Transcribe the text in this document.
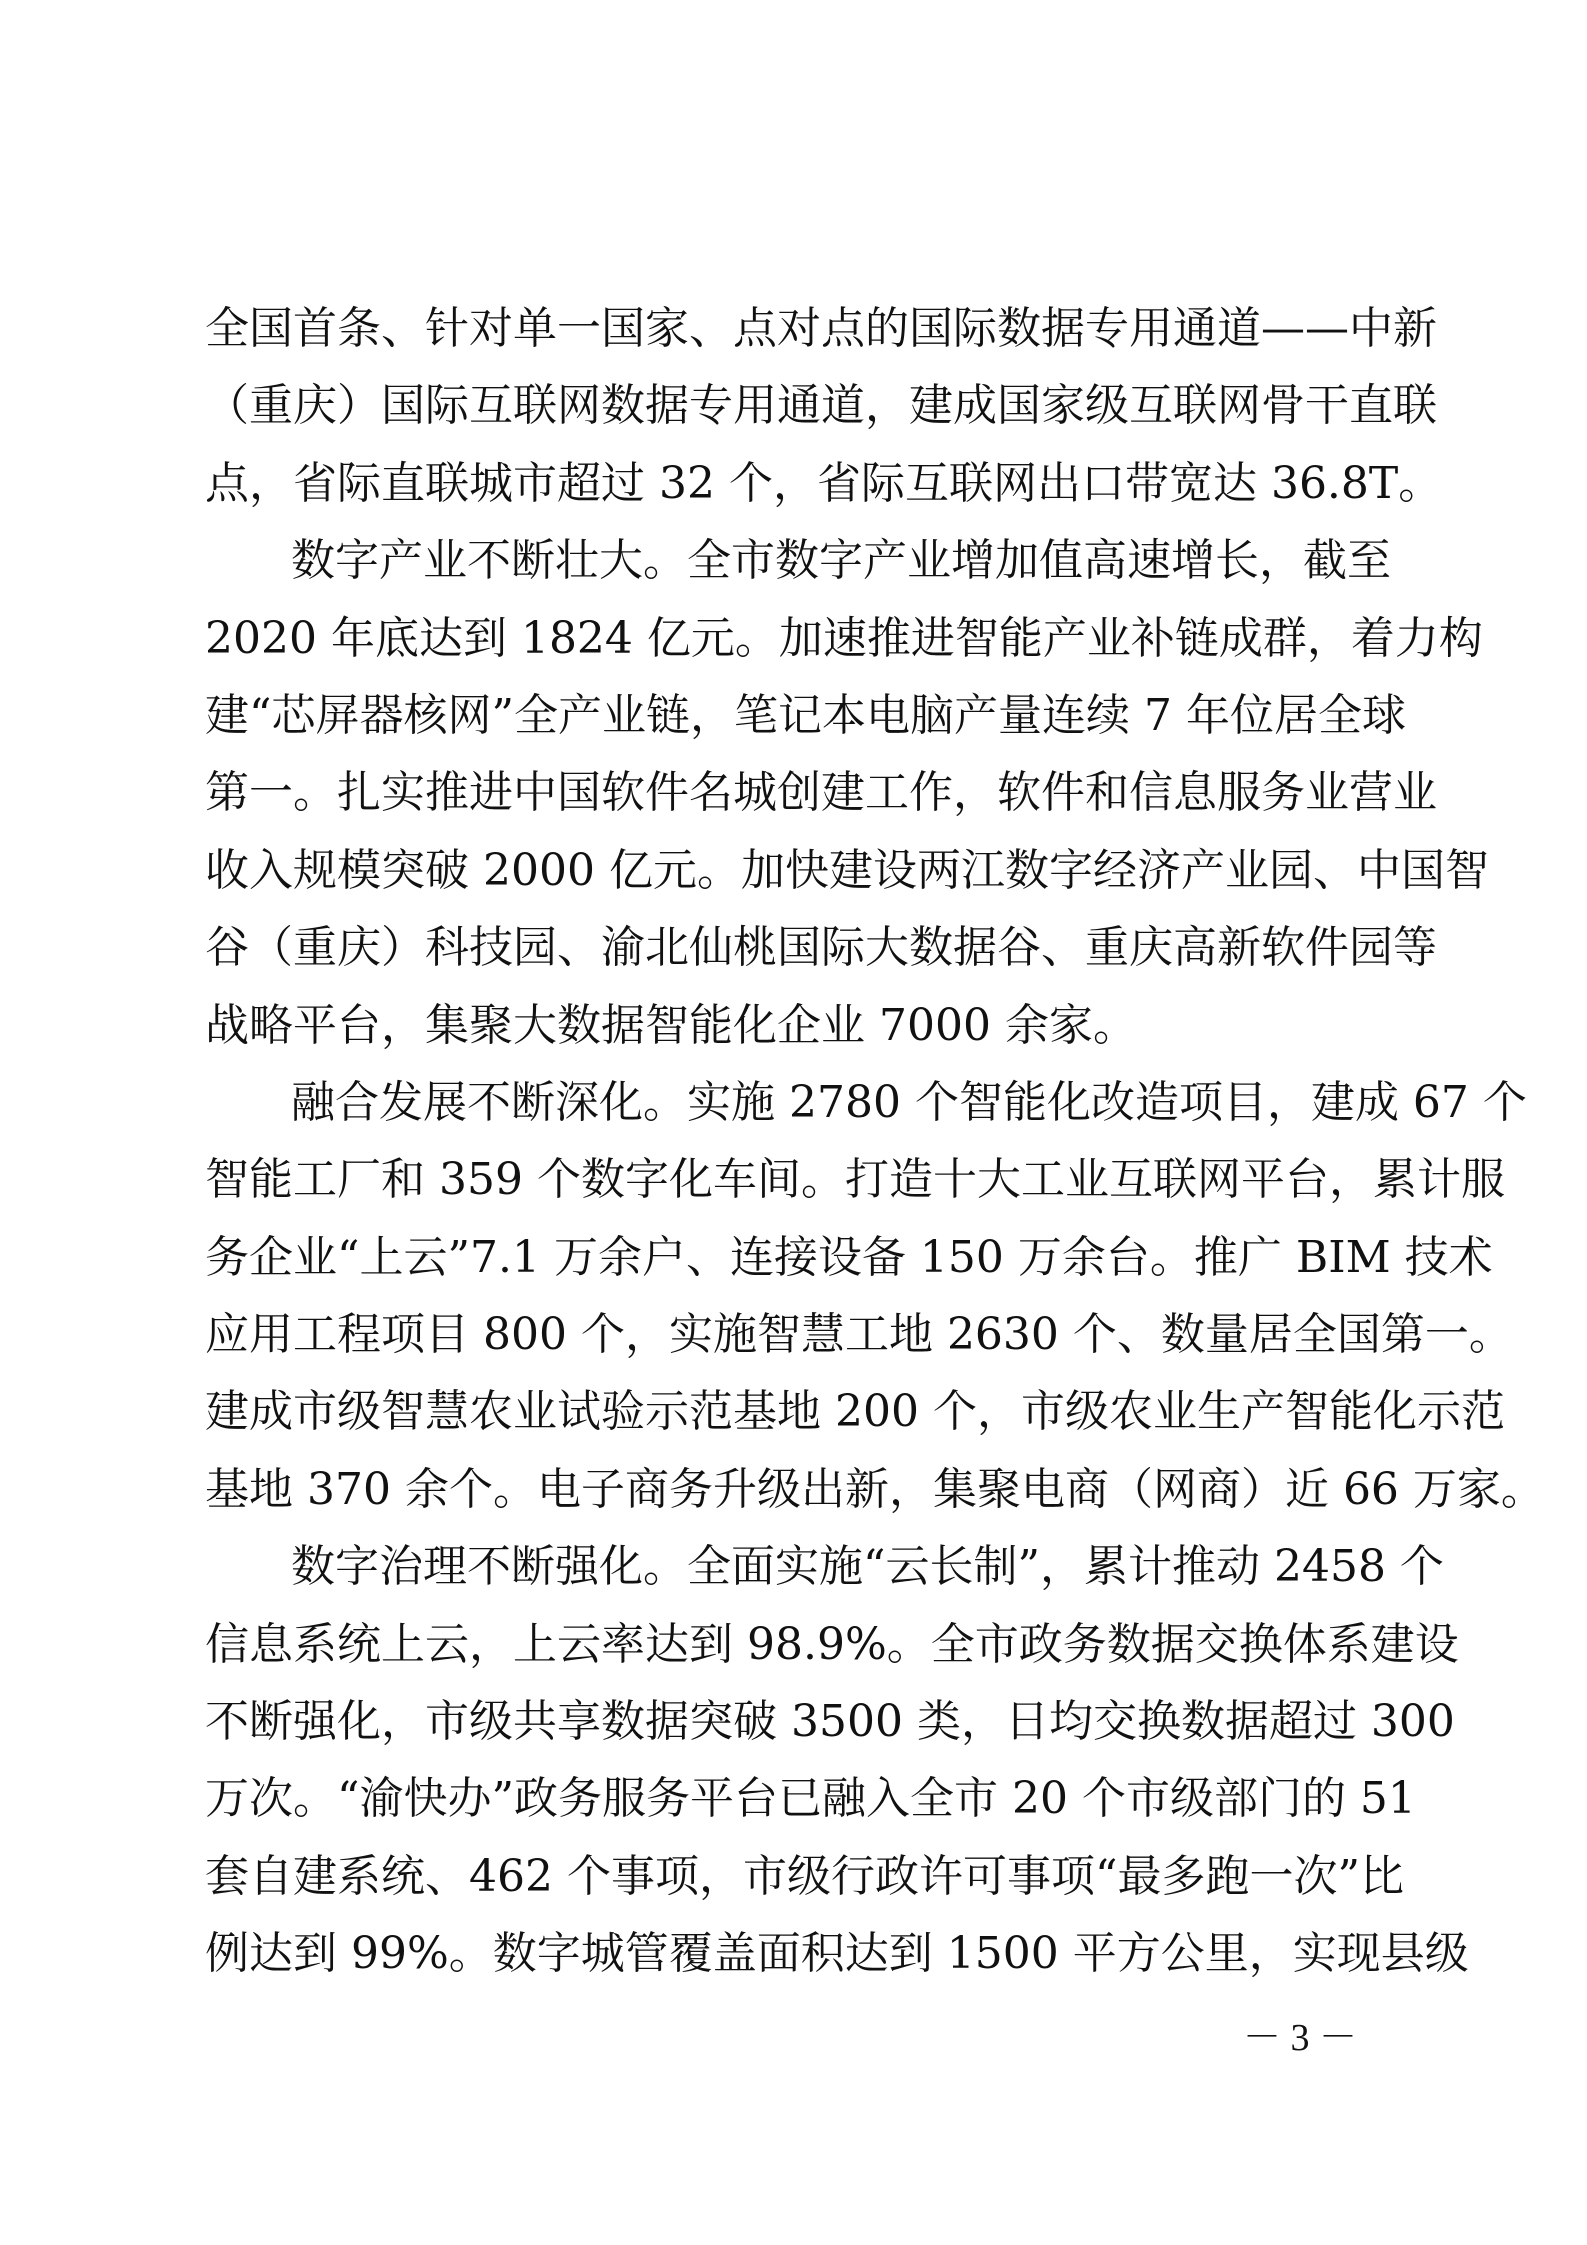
全国首条、针对单一国家、点对点的国际数据专用通道——中新
（重庆）国际互联网数据专用通道，建成国家级互联网骨干直联
点，省际直联城市超过 32 个，省际互联网出口带宽达 36.8T。
数字产业不断壮大。全市数字产业增加值高速增长，截至
2020 年底达到 1824 亿元。加速推进智能产业补链成群，着力构
建“芯屏器核网”全产业链，笔记本电脑产量连续 7 年位居全球
第一。扎实推进中国软件名城创建工作，软件和信息服务业营业
收入规模突破 2000 亿元。加快建设两江数字经济产业园、中国智
谷（重庆）科技园、渝北仙桃国际大数据谷、重庆高新软件园等
战略平台，集聚大数据智能化企业 7000 余家。
融合发展不断深化。实施 2780 个智能化改造项目，建成 67 个
智能工厂和 359 个数字化车间。打造十大工业互联网平台，累计服
务企业“上云”7.1 万余户、连接设备 150 万余台。推广 BIM 技术
应用工程项目 800 个，实施智慧工地 2630 个、数量居全国第一。
建成市级智慧农业试验示范基地 200 个，市级农业生产智能化示范
基地 370 余个。电子商务升级出新，集聚电商（网商）近 66 万家。
数字治理不断强化。全面实施“云长制”，累计推动 2458 个
信息系统上云，上云率达到 98.9%。全市政务数据交换体系建设
不断强化，市级共享数据突破 3500 类，日均交换数据超过 300
万次。“渝快办”政务服务平台已融入全市 20 个市级部门的 51
套自建系统、462 个事项，市级行政许可事项“最多跑一次”比
例达到 99%。数字城管覆盖面积达到 1500 平方公里，实现县级
－ 3 －
